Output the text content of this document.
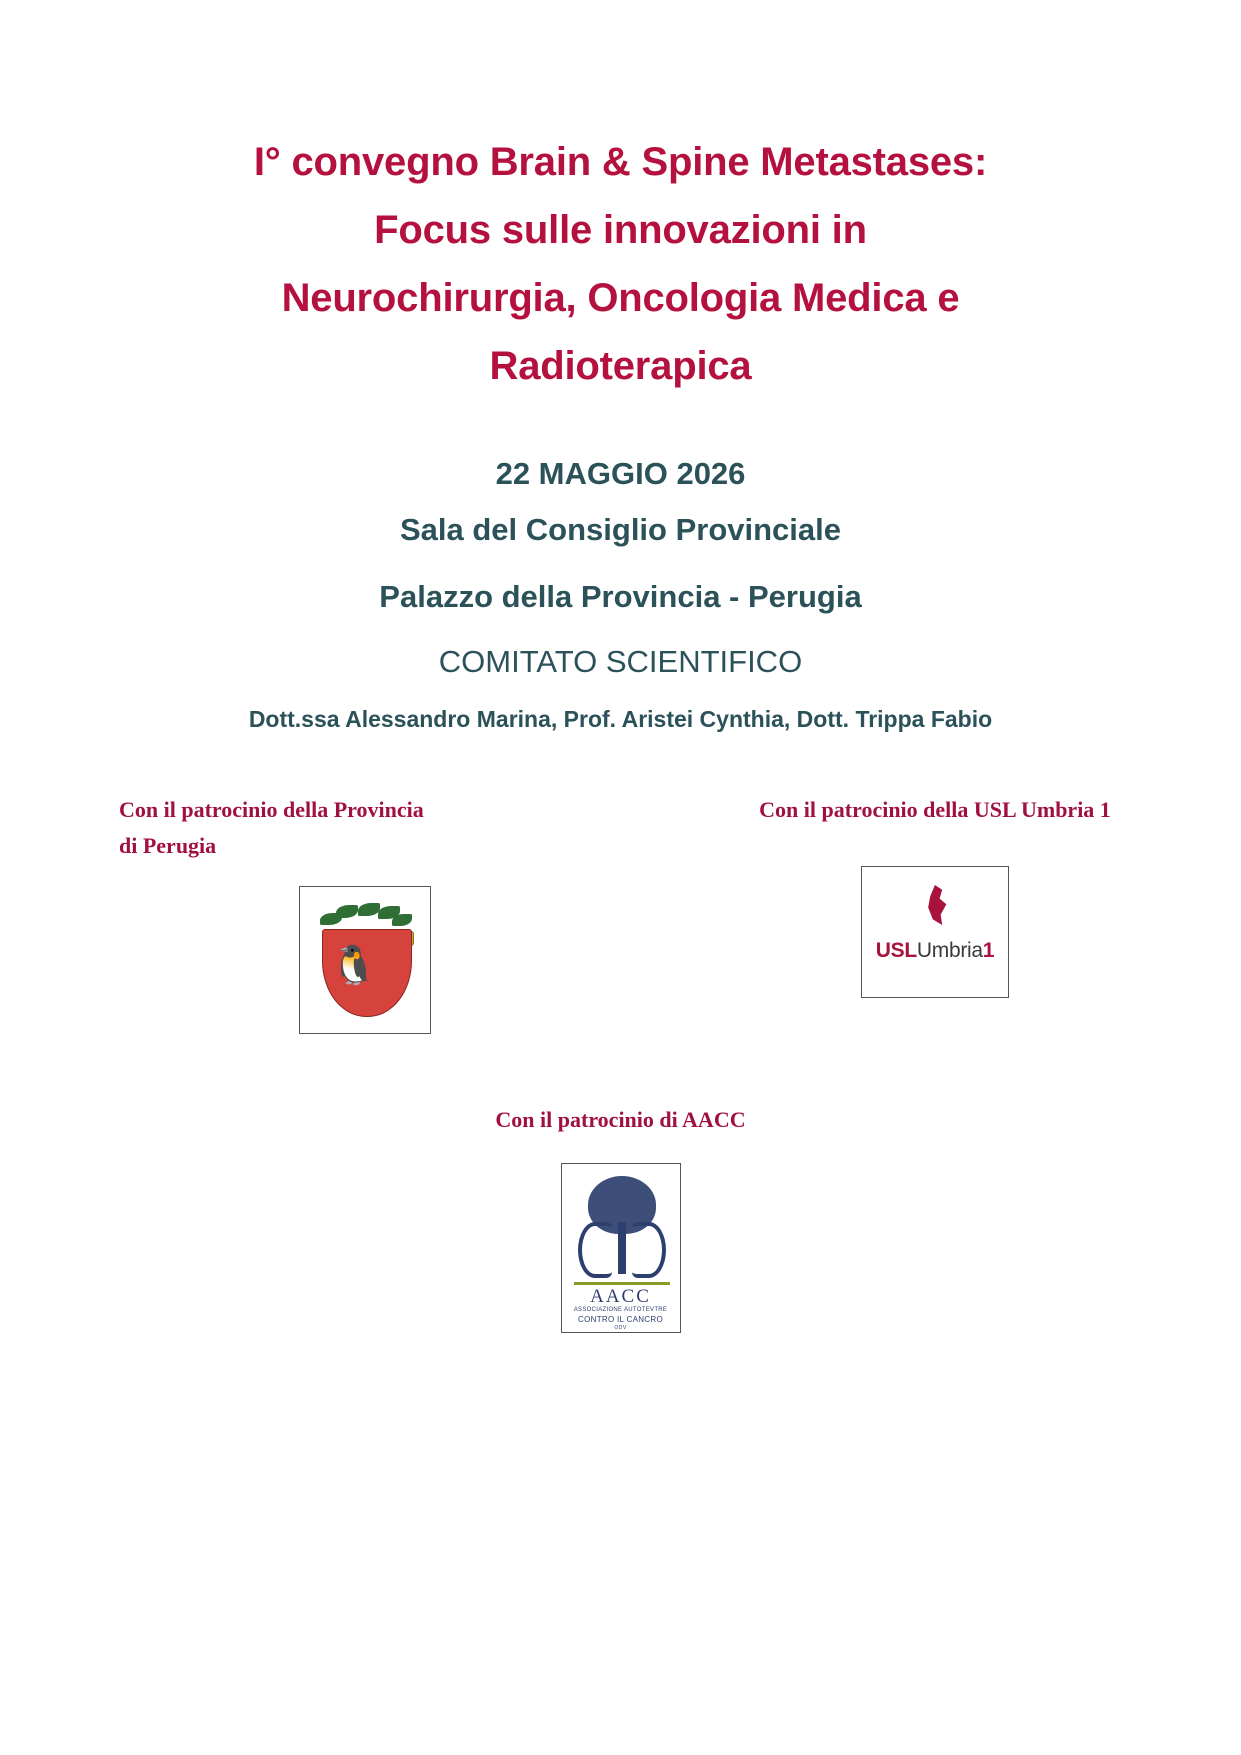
I° convegno Brain & Spine Metastases:
Focus sulle innovazioni in
Neurochirurgia, Oncologia Medica e
Radioterapica
22 MAGGIO 2026
Sala del Consiglio Provinciale
Palazzo della Provincia - Perugia
COMITATO SCIENTIFICO
Dott.ssa Alessandro Marina, Prof. Aristei Cynthia, Dott. Trippa Fabio
Con il patrocinio della Provincia
di Perugia
🐧
Con il patrocinio della USL Umbria 1
USLUmbria1
Con il patrocinio di AACC
AACC
ASSOCIAZIONE AUTOTEVTRE
CONTRO IL CANCRO
ODV
